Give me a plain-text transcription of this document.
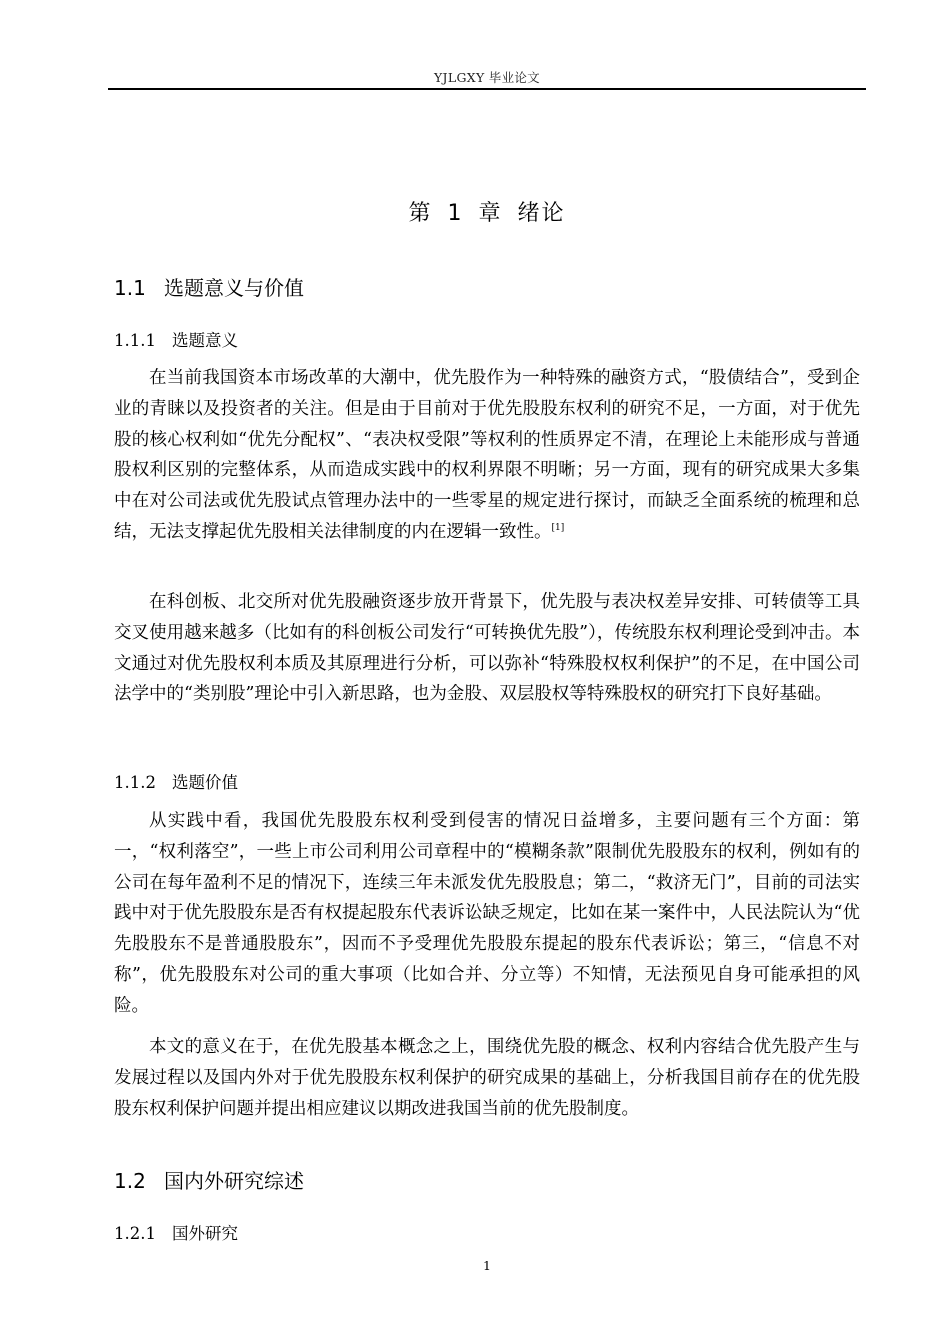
YJLGXY 毕业论文
第 1 章 绪论
1.1 选题意义与价值
1.1.1 选题意义
在当前我国资本市场改革的大潮中，优先股作为一种特殊的融资方式，“股债结合”，受到企业的青睐以及投资者的关注。但是由于目前对于优先股股东权利的研究不足，一方面，对于优先股的核心权利如“优先分配权”、“表决权受限”等权利的性质界定不清，在理论上未能形成与普通股权利区别的完整体系，从而造成实践中的权利界限不明晰；另一方面，现有的研究成果大多集中在对公司法或优先股试点管理办法中的一些零星的规定进行探讨，而缺乏全面系统的梳理和总结，无法支撑起优先股相关法律制度的内在逻辑一致性。[1]
在科创板、北交所对优先股融资逐步放开背景下，优先股与表决权差异安排、可转债等工具交叉使用越来越多（比如有的科创板公司发行“可转换优先股”），传统股东权利理论受到冲击。本文通过对优先股权利本质及其原理进行分析，可以弥补“特殊股权权利保护”的不足，在中国公司法学中的“类别股”理论中引入新思路，也为金股、双层股权等特殊股权的研究打下良好基础。
1.1.2 选题价值
从实践中看，我国优先股股东权利受到侵害的情况日益增多，主要问题有三个方面：第一，“权利落空”，一些上市公司利用公司章程中的“模糊条款”限制优先股股东的权利，例如有的公司在每年盈利不足的情况下，连续三年未派发优先股股息；第二，“救济无门”，目前的司法实践中对于优先股股东是否有权提起股东代表诉讼缺乏规定，比如在某一案件中，人民法院认为“优先股股东不是普通股股东”，因而不予受理优先股股东提起的股东代表诉讼；第三，“信息不对称”，优先股股东对公司的重大事项（比如合并、分立等）不知情，无法预见自身可能承担的风险。
本文的意义在于，在优先股基本概念之上，围绕优先股的概念、权利内容结合优先股产生与发展过程以及国内外对于优先股股东权利保护的研究成果的基础上，分析我国目前存在的优先股股东权利保护问题并提出相应建议以期改进我国当前的优先股制度。
1.2 国内外研究综述
1.2.1 国外研究
1
